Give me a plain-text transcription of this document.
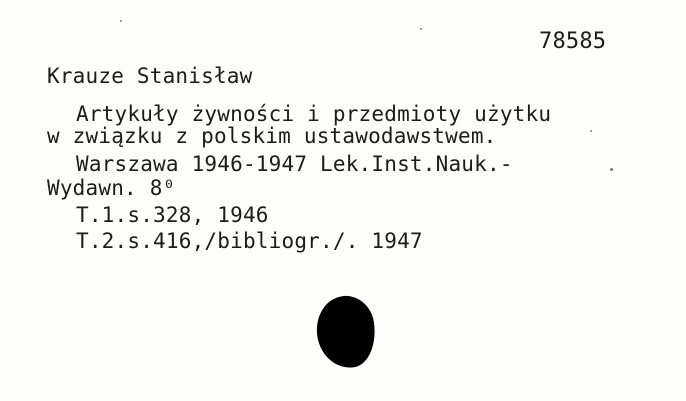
78585
Krauze Stanisław
Artykuły żywności i przedmioty użytku
w związku z polskim ustawodawstwem.
Warszawa 1946-1947 Lek.Inst.Nauk.-
Wydawn. 8⁰
T.1.s.328, 1946
T.2.s.416,/bibliogr./. 1947
